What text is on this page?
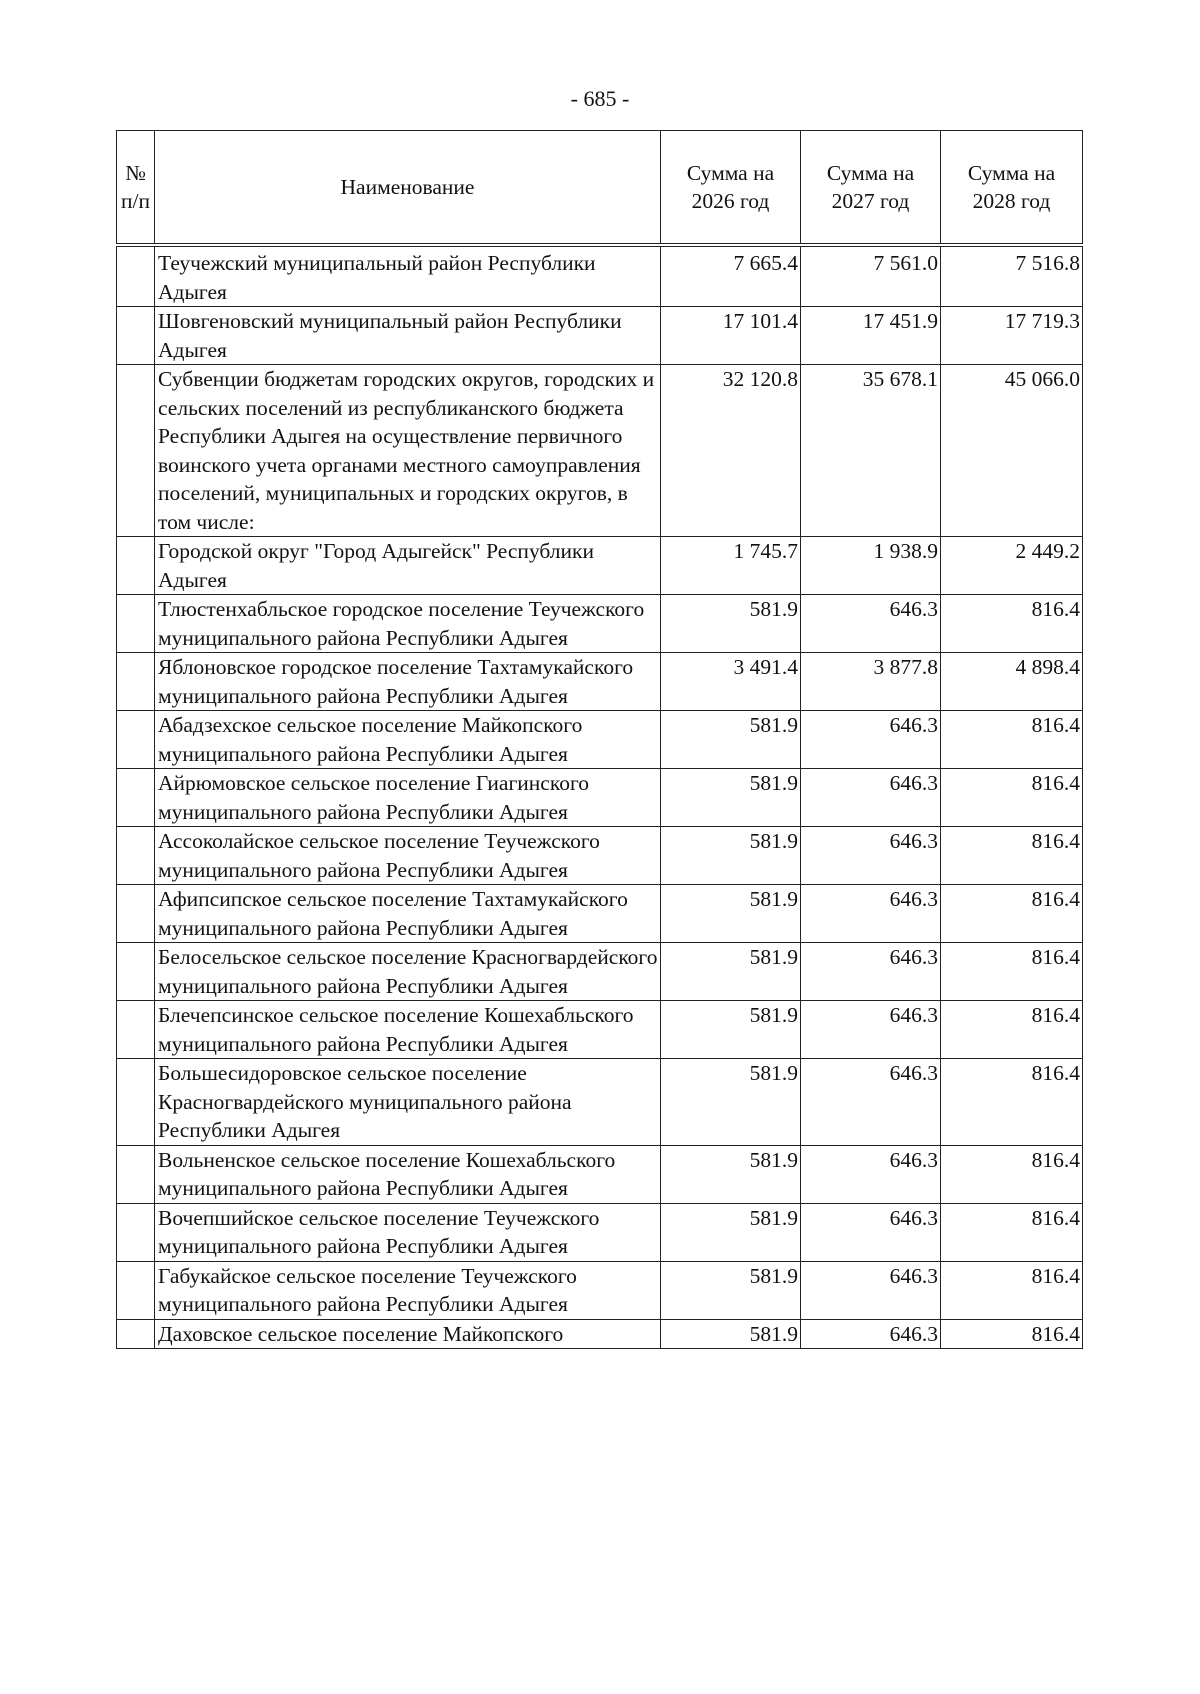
- 685 -
№ п/п	Наименование	Сумма на 2026 год	Сумма на 2027 год	Сумма на 2028 год
	Теучежский муниципальный район Республики Адыгея	7 665.4	7 561.0	7 516.8
	Шовгеновский муниципальный район Республики Адыгея	17 101.4	17 451.9	17 719.3
	Субвенции бюджетам городских округов, городских и сельских поселений из республиканского бюджета Республики Адыгея на осуществление первичного воинского учета органами местного самоуправления поселений, муниципальных и городских округов, в том числе:	32 120.8	35 678.1	45 066.0
	Городской округ "Город Адыгейск" Республики Адыгея	1 745.7	1 938.9	2 449.2
	Тлюстенхабльское городское поселение Теучежского муниципального района Республики Адыгея	581.9	646.3	816.4
	Яблоновское городское поселение Тахтамукайского муниципального района Республики Адыгея	3 491.4	3 877.8	4 898.4
	Абадзехское сельское поселение Майкопского муниципального района Республики Адыгея	581.9	646.3	816.4
	Айрюмовское сельское поселение Гиагинского муниципального района Республики Адыгея	581.9	646.3	816.4
	Ассоколайское сельское поселение Теучежского муниципального района Республики Адыгея	581.9	646.3	816.4
	Афипсипское сельское поселение Тахтамукайского муниципального района Республики Адыгея	581.9	646.3	816.4
	Белосельское сельское поселение Красногвардейского муниципального района Республики Адыгея	581.9	646.3	816.4
	Блечепсинское сельское поселение Кошехабльского муниципального района Республики Адыгея	581.9	646.3	816.4
	Большесидоровское сельское поселение Красногвардейского муниципального района Республики Адыгея	581.9	646.3	816.4
	Вольненское сельское поселение Кошехабльского муниципального района Республики Адыгея	581.9	646.3	816.4
	Вочепшийское сельское поселение Теучежского муниципального района Республики Адыгея	581.9	646.3	816.4
	Габукайское сельское поселение Теучежского муниципального района Республики Адыгея	581.9	646.3	816.4
	Даховское сельское поселение Майкопского	581.9	646.3	816.4
